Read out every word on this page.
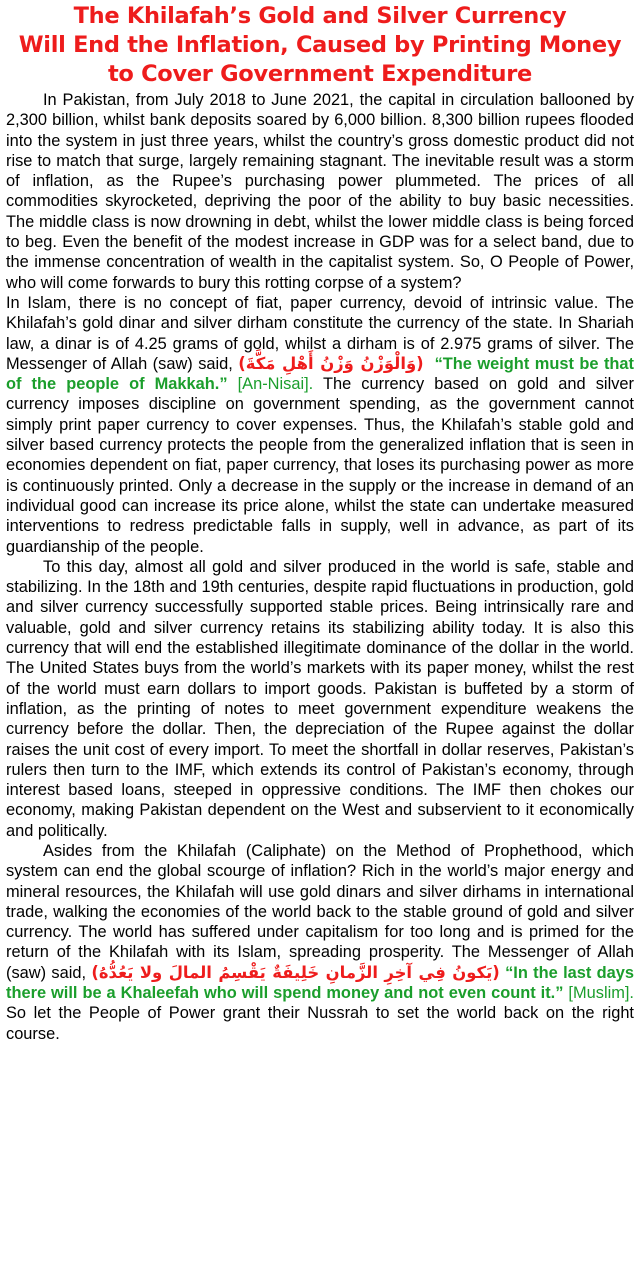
The Khilafah’s Gold and Silver Currency
Will End the Inflation, Caused by Printing Money
to Cover Government Expenditure

In Pakistan, from July 2018 to June 2021, the capital in circulation ballooned by 2,300 billion, whilst bank deposits soared by 6,000 billion. 8,300 billion rupees flooded into the system in just three years, whilst the country’s gross domestic product did not rise to match that surge, largely remaining stagnant. The inevitable result was a storm of inflation, as the Rupee’s purchasing power plummeted. The prices of all commodities skyrocketed, depriving the poor of the ability to buy basic necessities. The middle class is now drowning in debt, whilst the lower middle class is being forced to beg. Even the benefit of the modest increase in GDP was for a select band, due to the immense concentration of wealth in the capitalist system. So, O People of Power, who will come forwards to bury this rotting corpse of a system?

In Islam, there is no concept of fiat, paper currency, devoid of intrinsic value. The Khilafah’s gold dinar and silver dirham constitute the currency of the state. In Shariah law, a dinar is of 4.25 grams of gold, whilst a dirham is of 2.975 grams of silver. The Messenger of Allah (saw) said, (وَالْوَزْنُ وَزْنُ أَهْلِ مَكَّةَ) “The weight must be that of the people of Makkah.” [An-Nisai]. The currency based on gold and silver currency imposes discipline on government spending, as the government cannot simply print paper currency to cover expenses. Thus, the Khilafah’s stable gold and silver based currency protects the people from the generalized inflation that is seen in economies dependent on fiat, paper currency, that loses its purchasing power as more is continuously printed. Only a decrease in the supply or the increase in demand of an individual good can increase its price alone, whilst the state can undertake measured interventions to redress predictable falls in supply, well in advance, as part of its guardianship of the people.

To this day, almost all gold and silver produced in the world is safe, stable and stabilizing. In the 18th and 19th centuries, despite rapid fluctuations in production, gold and silver currency successfully supported stable prices. Being intrinsically rare and valuable, gold and silver currency retains its stabilizing ability today. It is also this currency that will end the established illegitimate dominance of the dollar in the world. The United States buys from the world’s markets with its paper money, whilst the rest of the world must earn dollars to import goods. Pakistan is buffeted by a storm of inflation, as the printing of notes to meet government expenditure weakens the currency before the dollar. Then, the depreciation of the Rupee against the dollar raises the unit cost of every import. To meet the shortfall in dollar reserves, Pakistan’s rulers then turn to the IMF, which extends its control of Pakistan’s economy, through interest based loans, steeped in oppressive conditions. The IMF then chokes our economy, making Pakistan dependent on the West and subservient to it economically and politically.

Asides from the Khilafah (Caliphate) on the Method of Prophethood, which system can end the global scourge of inflation? Rich in the world’s major energy and mineral resources, the Khilafah will use gold dinars and silver dirhams in international trade, walking the economies of the world back to the stable ground of gold and silver currency. The world has suffered under capitalism for too long and is primed for the return of the Khilafah with its Islam, spreading prosperity. The Messenger of Allah (saw) said, (يَكونُ فِي آخِرِ الزَّمانِ خَلِيفَةٌ يَقْسِمُ المالَ ولا يَعُدُّهُ) “In the last days there will be a Khaleefah who will spend money and not even count it.” [Muslim]. So let the People of Power grant their Nussrah to set the world back on the right course.
